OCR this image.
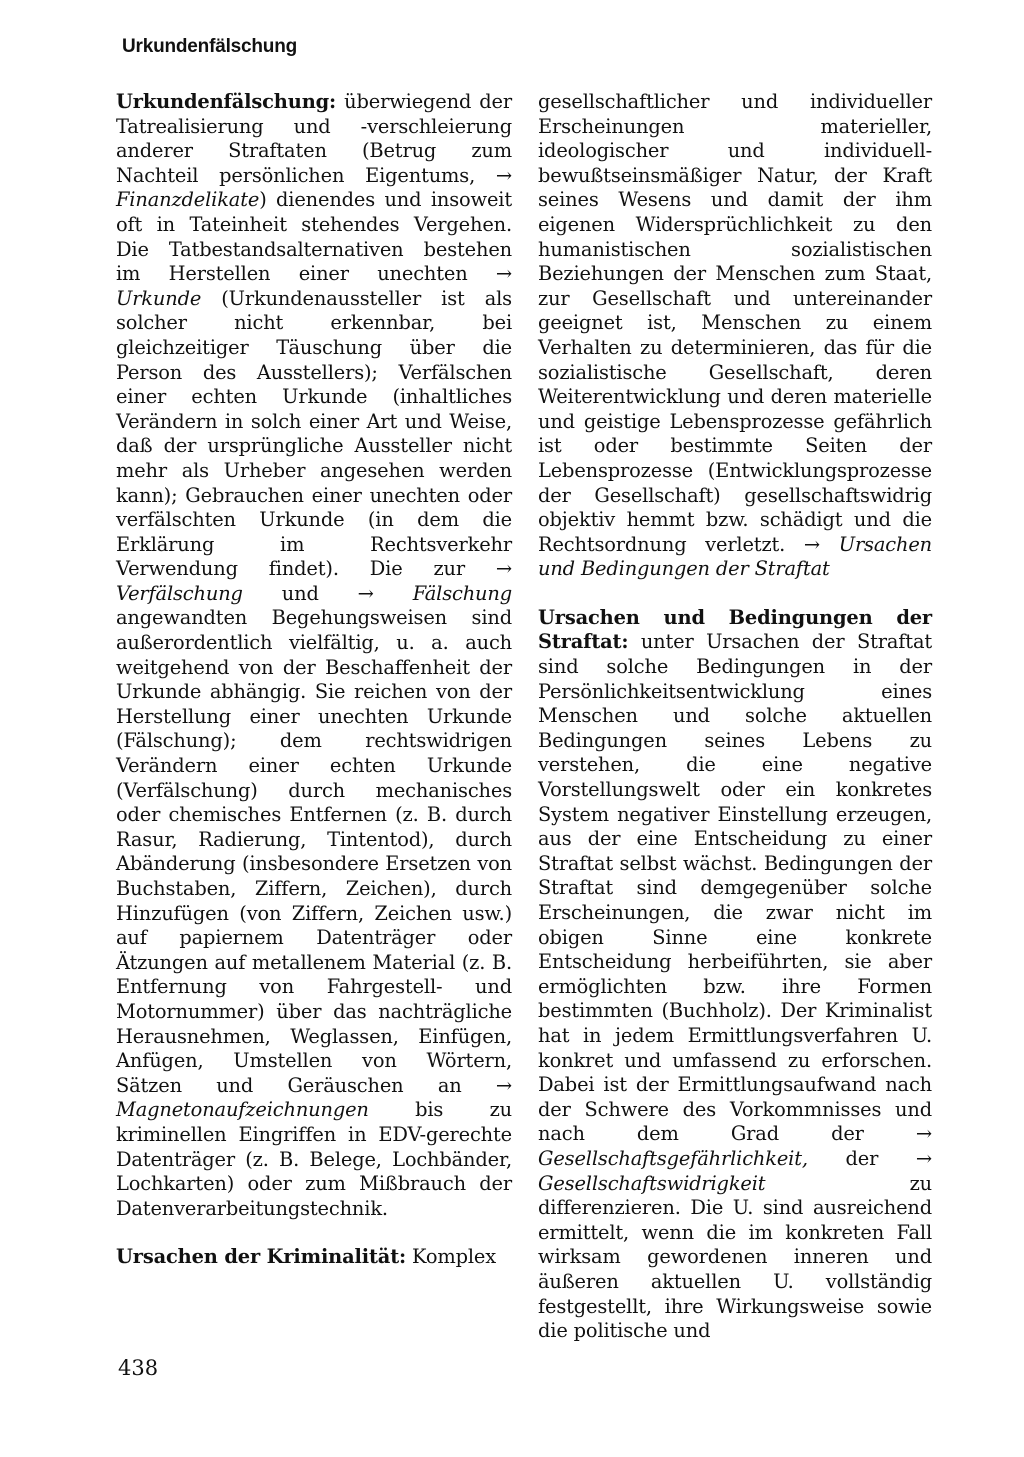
Urkundenfälschung

Urkundenfälschung: überwiegend der Tatrealisierung und -verschleierung anderer Straftaten (Betrug zum Nachteil persönlichen Eigentums, → Finanzdelikate) dienendes und insoweit oft in Tateinheit stehendes Vergehen. Die Tatbestandsalternativen bestehen im Herstellen einer unechten → Urkunde (Urkundenaussteller ist als solcher nicht erkennbar, bei gleichzeitiger Täuschung über die Person des Ausstellers); Verfälschen einer echten Urkunde (inhaltliches Verändern in solch einer Art und Weise, daß der ursprüngliche Aussteller nicht mehr als Urheber angesehen werden kann); Gebrauchen einer unechten oder verfälschten Urkunde (in dem die Erklärung im Rechtsverkehr Verwendung findet). Die zur → Verfälschung und → Fälschung angewandten Begehungsweisen sind außerordentlich vielfältig, u. a. auch weitgehend von der Beschaffenheit der Urkunde abhängig. Sie reichen von der Herstellung einer unechten Urkunde (Fälschung); dem rechtswidrigen Verändern einer echten Urkunde (Verfälschung) durch mechanisches oder chemisches Entfernen (z. B. durch Rasur, Radierung, Tintentod), durch Abänderung (insbesondere Ersetzen von Buchstaben, Ziffern, Zeichen), durch Hinzufügen (von Ziffern, Zeichen usw.) auf papiernem Datenträger oder Ätzungen auf metallenem Material (z. B. Entfernung von Fahrgestell- und Motornummer) über das nachträgliche Herausnehmen, Weglassen, Einfügen, Anfügen, Umstellen von Wörtern, Sätzen und Geräuschen an → Magnetonaufzeichnungen bis zu kriminellen Eingriffen in EDV-gerechte Datenträger (z. B. Belege, Lochbänder, Lochkarten) oder zum Mißbrauch der Datenverarbeitungstechnik.

Ursachen der Kriminalität: Komplex

gesellschaftlicher und individueller Erscheinungen materieller, ideologischer und individuell-bewußtseinsmäßiger Natur, der Kraft seines Wesens und damit der ihm eigenen Widersprüchlichkeit zu den humanistischen sozialistischen Beziehungen der Menschen zum Staat, zur Gesellschaft und untereinander geeignet ist, Menschen zu einem Verhalten zu determinieren, das für die sozialistische Gesellschaft, deren Weiterentwicklung und deren materielle und geistige Lebensprozesse gefährlich ist oder bestimmte Seiten der Lebensprozesse (Entwicklungsprozesse der Gesellschaft) gesellschaftswidrig objektiv hemmt bzw. schädigt und die Rechtsordnung verletzt. → Ursachen und Bedingungen der Straftat

Ursachen und Bedingungen der Straftat: unter Ursachen der Straftat sind solche Bedingungen in der Persönlichkeitsentwicklung eines Menschen und solche aktuellen Bedingungen seines Lebens zu verstehen, die eine negative Vorstellungswelt oder ein konkretes System negativer Einstellung erzeugen, aus der eine Entscheidung zu einer Straftat selbst wächst. Bedingungen der Straftat sind demgegenüber solche Erscheinungen, die zwar nicht im obigen Sinne eine konkrete Entscheidung herbeiführten, sie aber ermöglichten bzw. ihre Formen bestimmten (Buchholz). Der Kriminalist hat in jedem Ermittlungsverfahren U. konkret und umfassend zu erforschen. Dabei ist der Ermittlungsaufwand nach der Schwere des Vorkommnisses und nach dem Grad der → Gesellschaftsgefährlichkeit, der → Gesellschaftswidrigkeit zu differenzieren. Die U. sind ausreichend ermittelt, wenn die im konkreten Fall wirksam gewordenen inneren und äußeren aktuellen U. vollständig festgestellt, ihre Wirkungsweise sowie die politische und

438
